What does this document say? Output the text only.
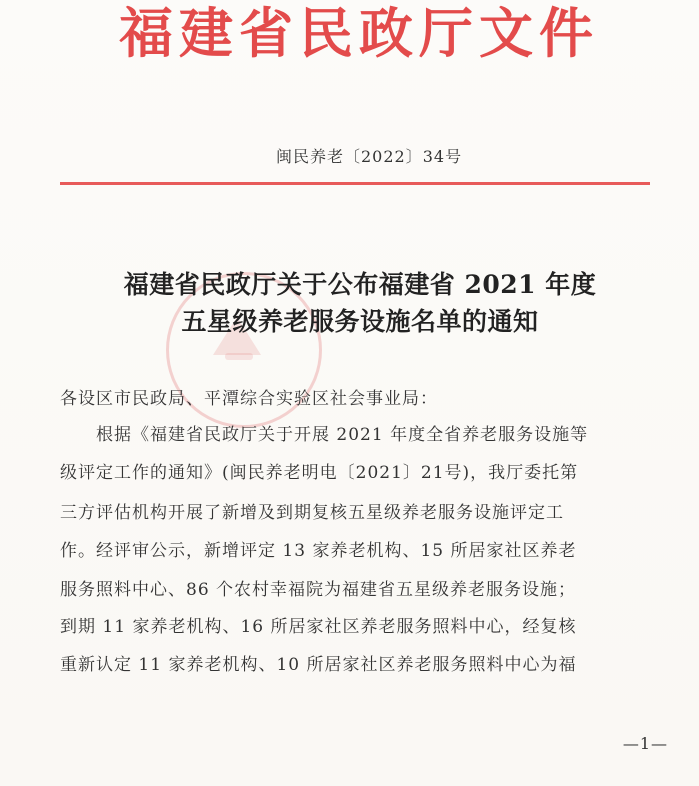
福建省民政厅文件
闽民养老〔2022〕34号
福建省民政厅关于公布福建省 2021 年度
五星级养老服务设施名单的通知
各设区市民政局、平潭综合实验区社会事业局：
根据《福建省民政厅关于开展 2021 年度全省养老服务设施等
级评定工作的通知》(闽民养老明电〔2021〕21号)，我厅委托第
三方评估机构开展了新增及到期复核五星级养老服务设施评定工
作。经评审公示，新增评定 13 家养老机构、15 所居家社区养老
服务照料中心、86 个农村幸福院为福建省五星级养老服务设施；
到期 11 家养老机构、16 所居家社区养老服务照料中心，经复核
重新认定 11 家养老机构、10 所居家社区养老服务照料中心为福
—1—
